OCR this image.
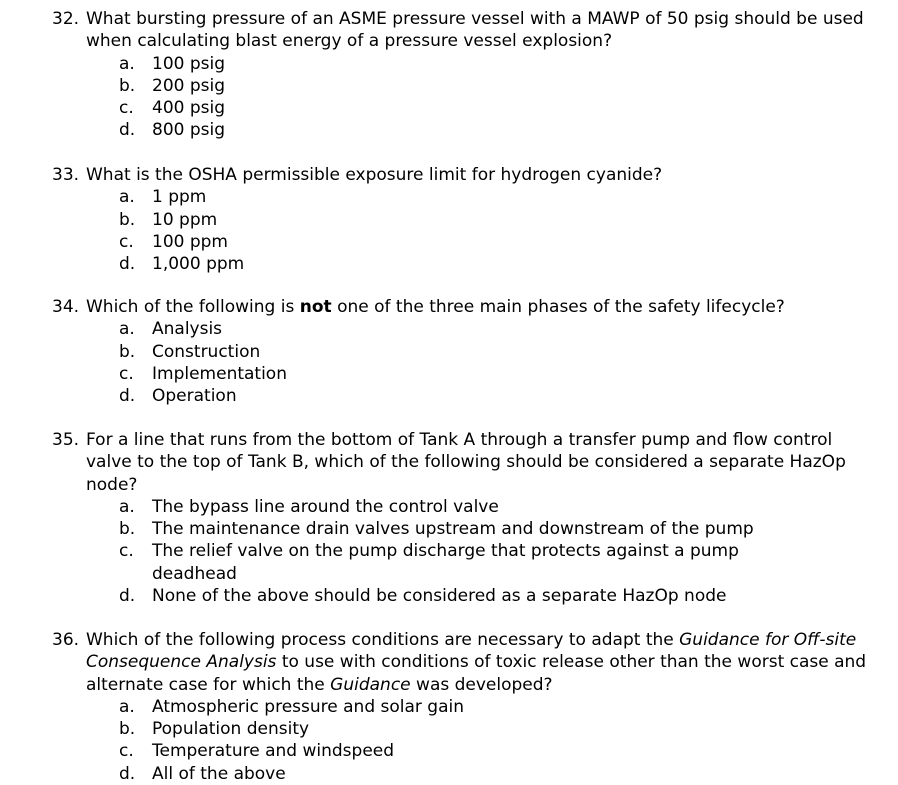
32. What bursting pressure of an ASME pressure vessel with a MAWP of 50 psig should be used when calculating blast energy of a pressure vessel explosion?
a. 100 psig
b. 200 psig
c. 400 psig
d. 800 psig
33. What is the OSHA permissible exposure limit for hydrogen cyanide?
a. 1 ppm
b. 10 ppm
c. 100 ppm
d. 1,000 ppm
34. Which of the following is not one of the three main phases of the safety lifecycle?
a. Analysis
b. Construction
c. Implementation
d. Operation
35. For a line that runs from the bottom of Tank A through a transfer pump and flow control valve to the top of Tank B, which of the following should be considered a separate HazOp node?
a. The bypass line around the control valve
b. The maintenance drain valves upstream and downstream of the pump
c. The relief valve on the pump discharge that protects against a pump deadhead
d. None of the above should be considered as a separate HazOp node
36. Which of the following process conditions are necessary to adapt the Guidance for Off-site Consequence Analysis to use with conditions of toxic release other than the worst case and alternate case for which the Guidance was developed?
a. Atmospheric pressure and solar gain
b. Population density
c. Temperature and windspeed
d. All of the above
